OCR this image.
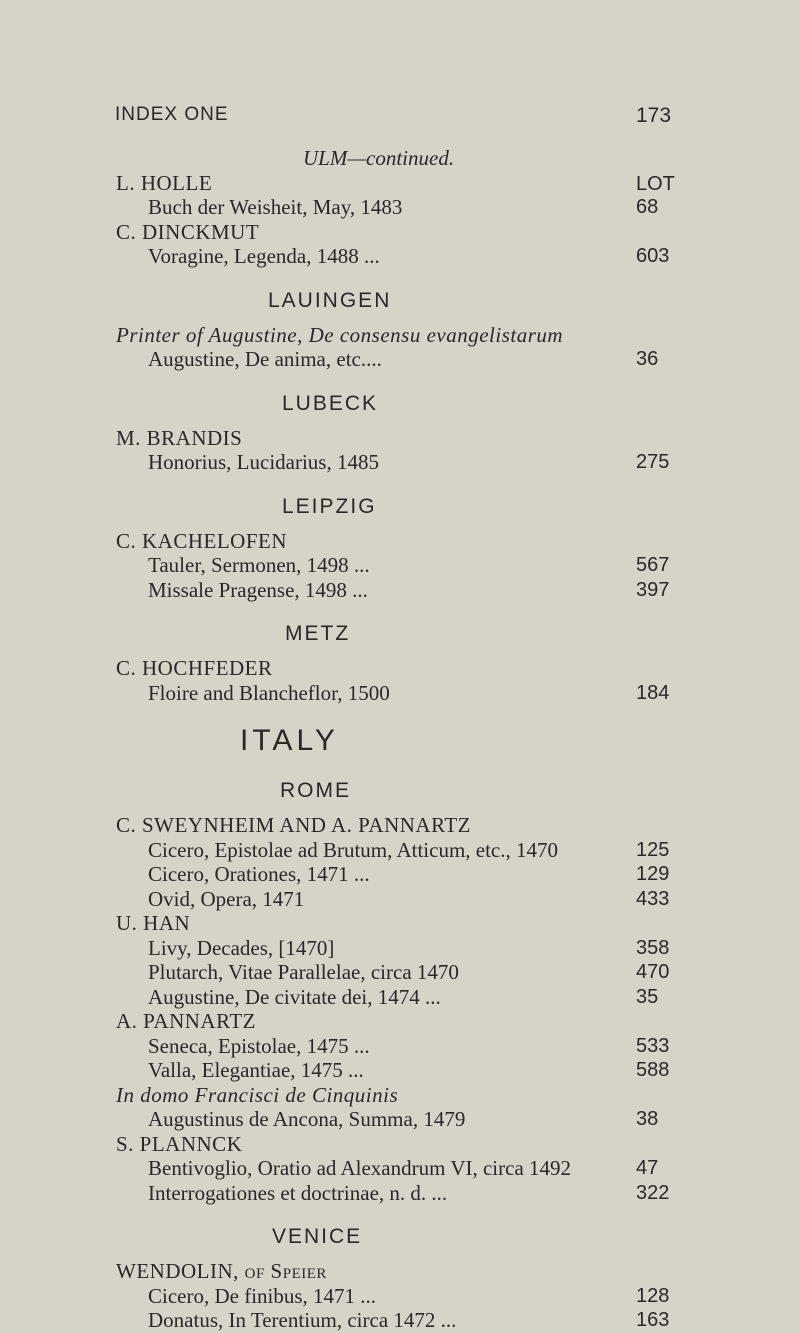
INDEX ONE	173
ULM—continued.
LOT
L. HOLLE
Buch der Weisheit, May, 1483	68
C. DINCKMUT
Voragine, Legenda, 1488 ...	603
LAUINGEN
Printer of Augustine, De consensu evangelistarum
Augustine, De anima, etc....	36
LUBECK
M. BRANDIS
Honorius, Lucidarius, 1485	275
LEIPZIG
C. KACHELOFEN
Tauler, Sermonen, 1498 ...	567
Missale Pragense, 1498 ...	397
METZ
C. HOCHFEDER
Floire and Blancheflor, 1500	184
ITALY
ROME
C. SWEYNHEIM AND A. PANNARTZ
Cicero, Epistolae ad Brutum, Atticum, etc., 1470	125
Cicero, Orationes, 1471 ...	129
Ovid, Opera, 1471	433
U. HAN
Livy, Decades, [1470]	358
Plutarch, Vitae Parallelae, circa 1470	470
Augustine, De civitate dei, 1474 ...	35
A. PANNARTZ
Seneca, Epistolae, 1475 ...	533
Valla, Elegantiae, 1475 ...	588
In domo Francisci de Cinquinis
Augustinus de Ancona, Summa, 1479	38
S. PLANNCK
Bentivoglio, Oratio ad Alexandrum VI, circa 1492	47
Interrogationes et doctrinae, n. d. ...	322
VENICE
WENDOLIN, of Speier
Cicero, De finibus, 1471 ...	128
Donatus, In Terentium, circa 1472 ...	163
